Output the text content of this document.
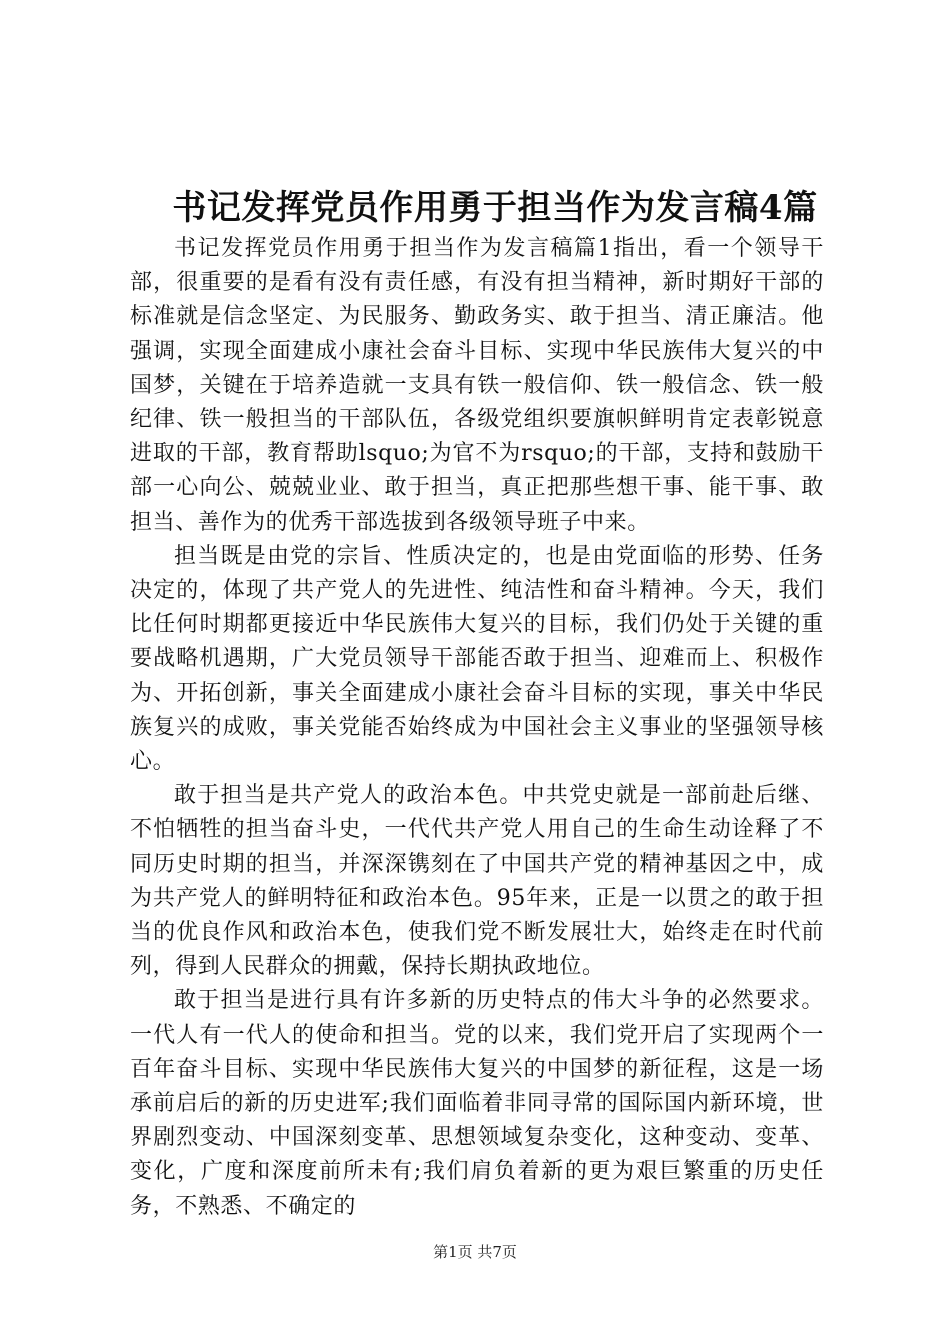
书记发挥党员作用勇于担当作为发言稿4篇

书记发挥党员作用勇于担当作为发言稿篇1指出，看一个领导干部，很重要的是看有没有责任感，有没有担当精神，新时期好干部的标准就是信念坚定、为民服务、勤政务实、敢于担当、清正廉洁。他强调，实现全面建成小康社会奋斗目标、实现中华民族伟大复兴的中国梦，关键在于培养造就一支具有铁一般信仰、铁一般信念、铁一般纪律、铁一般担当的干部队伍，各级党组织要旗帜鲜明肯定表彰锐意进取的干部，教育帮助lsquo;为官不为rsquo;的干部，支持和鼓励干部一心向公、兢兢业业、敢于担当，真正把那些想干事、能干事、敢担当、善作为的优秀干部选拔到各级领导班子中来。

担当既是由党的宗旨、性质决定的，也是由党面临的形势、任务决定的，体现了共产党人的先进性、纯洁性和奋斗精神。今天，我们比任何时期都更接近中华民族伟大复兴的目标，我们仍处于关键的重要战略机遇期，广大党员领导干部能否敢于担当、迎难而上、积极作为、开拓创新，事关全面建成小康社会奋斗目标的实现，事关中华民族复兴的成败，事关党能否始终成为中国社会主义事业的坚强领导核心。

敢于担当是共产党人的政治本色。中共党史就是一部前赴后继、不怕牺牲的担当奋斗史，一代代共产党人用自己的生命生动诠释了不同历史时期的担当，并深深镌刻在了中国共产党的精神基因之中，成为共产党人的鲜明特征和政治本色。95年来，正是一以贯之的敢于担当的优良作风和政治本色，使我们党不断发展壮大，始终走在时代前列，得到人民群众的拥戴，保持长期执政地位。

敢于担当是进行具有许多新的历史特点的伟大斗争的必然要求。一代人有一代人的使命和担当。党的以来，我们党开启了实现两个一百年奋斗目标、实现中华民族伟大复兴的中国梦的新征程，这是一场承前启后的新的历史进军;我们面临着非同寻常的国际国内新环境，世界剧烈变动、中国深刻变革、思想领域复杂变化，这种变动、变革、变化，广度和深度前所未有;我们肩负着新的更为艰巨繁重的历史任务，不熟悉、不确定的

第1页 共7页
